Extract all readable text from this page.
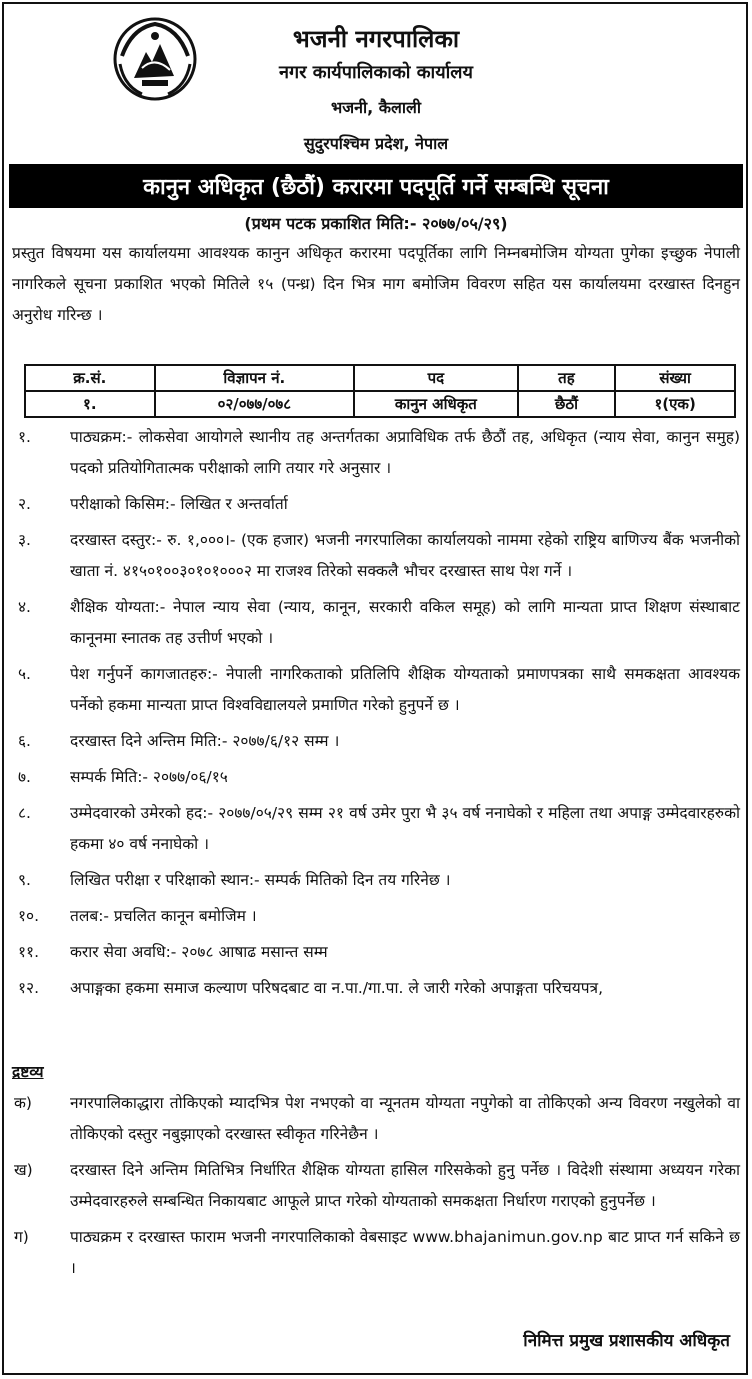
भजनी नगरपालिका
नगर कार्यपालिकाको कार्यालय
भजनी, कैलाली
सुदुरपश्चिम प्रदेश, नेपाल
कानुन अधिकृत (छैठौं) करारमा पदपूर्ति गर्ने सम्बन्धि सूचना
(प्रथम पटक प्रकाशित मिति:- २०७७/०५/२९)
प्रस्तुत विषयमा यस कार्यालयमा आवश्यक कानुन अधिकृत करारमा पदपूर्तिका लागि निम्नबमोजिम योग्यता पुगेका इच्छुक नेपाली नागरिकले सूचना प्रकाशित भएको मितिले १५ (पन्ध्र) दिन भित्र माग बमोजिम विवरण सहित यस कार्यालयमा दरखास्त दिनहुन अनुरोध गरिन्छ ।
क्र.सं.	विज्ञापन नं.	पद	तह	संख्या
१.	०२/०७७/०७८	कानुन अधिकृत	छैठौं	१(एक)
१.	पाठ्यक्रम:- लोकसेवा आयोगले स्थानीय तह अन्तर्गतका अप्राविधिक तर्फ छैठौं तह, अधिकृत (न्याय सेवा, कानुन समुह) पदको प्रतियोगितात्मक परीक्षाको लागि तयार गरे अनुसार ।
२.	परीक्षाको किसिम:- लिखित र अन्तर्वार्ता
३.	दरखास्त दस्तुर:- रु. १,०००।- (एक हजार) भजनी नगरपालिका कार्यालयको नाममा रहेको राष्ट्रिय बाणिज्य बैंक भजनीको खाता नं. ४१५०१००३०१०१०००२ मा राजश्व तिरेको सक्कलै भौचर दरखास्त साथ पेश गर्ने ।
४.	शैक्षिक योग्यता:- नेपाल न्याय सेवा (न्याय, कानून, सरकारी वकिल समूह) को लागि मान्यता प्राप्त शिक्षण संस्थाबाट कानूनमा स्नातक तह उत्तीर्ण भएको ।
५.	पेश गर्नुपर्ने कागजातहरु:- नेपाली नागरिकताको प्रतिलिपि शैक्षिक योग्यताको प्रमाणपत्रका साथै समकक्षता आवश्यक पर्नेको हकमा मान्यता प्राप्त विश्वविद्यालयले प्रमाणित गरेको हुनुपर्ने छ ।
६.	दरखास्त दिने अन्तिम मिति:- २०७७/६/१२ सम्म ।
७.	सम्पर्क मिति:- २०७७/०६/१५
८.	उम्मेदवारको उमेरको हद:- २०७७/०५/२९ सम्म २१ वर्ष उमेर पुरा भै ३५ वर्ष ननाघेको र महिला तथा अपाङ्ग उम्मेदवारहरुको हकमा ४० वर्ष ननाघेको ।
९.	लिखित परीक्षा र परिक्षाको स्थान:- सम्पर्क मितिको दिन तय गरिनेछ ।
१०.	तलब:- प्रचलित कानून बमोजिम ।
११.	करार सेवा अवधि:- २०७८ आषाढ मसान्त सम्म
१२.	अपाङ्गका हकमा समाज कल्याण परिषदबाट वा न.पा./गा.पा. ले जारी गरेको अपाङ्गता परिचयपत्र,
द्रष्टव्य
क)	नगरपालिकाद्धारा तोकिएको म्यादभित्र पेश नभएको वा न्यूनतम योग्यता नपुगेको वा तोकिएको अन्य विवरण नखुलेको वा तोकिएको दस्तुर नबुझाएको दरखास्त स्वीकृत गरिनेछैन ।
ख)	दरखास्त दिने अन्तिम मितिभित्र निर्धारित शैक्षिक योग्यता हासिल गरिसकेको हुनु पर्नेछ । विदेशी संस्थामा अध्ययन गरेका उम्मेदवारहरुले सम्बन्धित निकायबाट आफूले प्राप्त गरेको योग्यताको समकक्षता निर्धारण गराएको हुनुपर्नेछ ।
ग)	पाठ्यक्रम र दरखास्त फाराम भजनी नगरपालिकाको वेबसाइट www.bhajanimun.gov.np बाट प्राप्त गर्न सकिने छ ।
निमित्त प्रमुख प्रशासकीय अधिकृत
